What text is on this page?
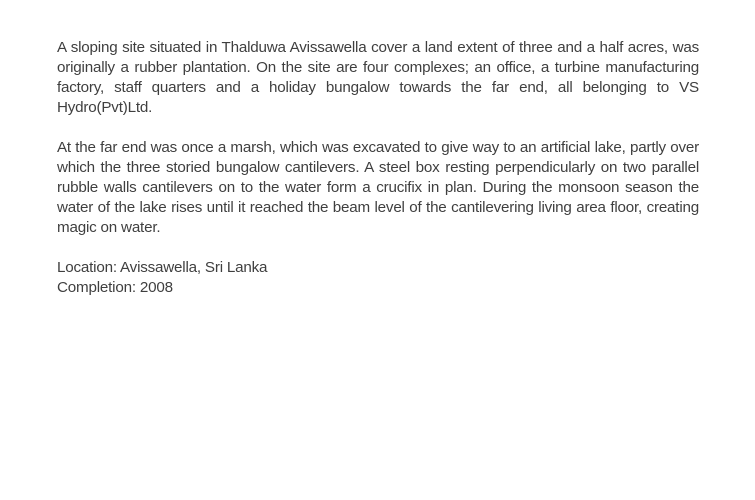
A sloping site situated in Thalduwa Avissawella cover a land extent of three and a half acres, was originally a rubber plantation. On the site are four complexes; an office, a turbine manufacturing factory, staff quarters and a holiday bungalow towards the far end, all belonging to VS Hydro(Pvt)Ltd.

At the far end was once a marsh, which was excavated to give way to an artificial lake, partly over which the three storied bungalow cantilevers. A steel box resting perpendicularly on two parallel rubble walls cantilevers on to the water form a crucifix in plan. During the monsoon season the water of the lake rises until it reached the beam level of the cantilevering living area floor, creating magic on water.

Location: Avissawella, Sri Lanka

Completion: 2008
